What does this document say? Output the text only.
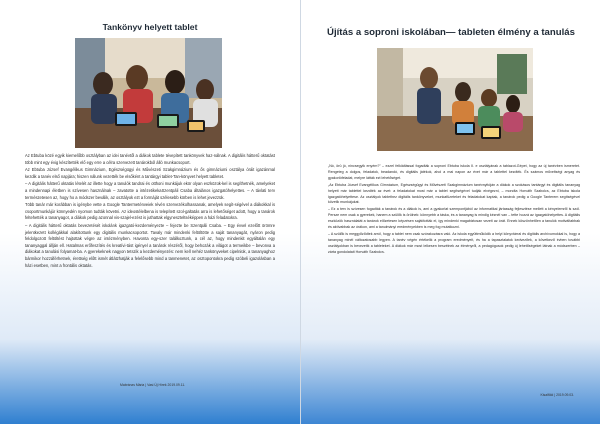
Tankönyv helyett tablet

Az Ebtuba közé egyik kiemelőbb osztályban az idei tanévtől a diákok tablete tévepített tankönyvek haz-nálnak. A digitális hátterű oktatást több mint egy évig készítették elő egy erre a célra szervezett tanárokból álló munkacsoport.

Az Ebtuba József Evangélikus Gimnázium, Egészségügyi és Művészeti Szakgimnázium és ős gimnáziumi osztálya óráit igazánmal kezdik a tanév első napjára; hiszen nálunk vezették be elsőként a tantárgyi tablet-Tan-könyvet helyett tabletet.

– A digitális hátterű oktatás lételét az illette hogy a tanulók tandrai és otthoni munkájuk ekör olyan eszközük-kel is segíthetnék, amelyeket a mindennapi életben is szívesen használnak – zavatotte a intézetikekaSzentpáli Csaba általános igazgatóhelyettes. – A távlati terv természetesen az, hogy ho a módszer beválik, az osztályok ezt a formáját szélesebb körben is lehet jevezzük.

Több tanár már korábban is igénybe vette a Google Tantermeténveiek révén szervezékolhassanak, amelyek segít-ségével a diákokkal is csoportmunkájúr könnyedén nyomon tudták követni. Az ideostélelbena is telepített szol-galtatás arra is lehetőséget adott, hogy a tanárok feltehették a tananyagot, a diákok pedig azonnal vis-szajel-ezést is juthattak elgyneszteltséképpen a házi feladatokra.

– A digitális hátterű oktatás bevezetését iskolánk igazgató-kezdeményezte – fejezte be Szentpáli Csaba. – Egy évvel ezelőtt örömre jelentkezett kollégákkal alakítottunk egy digitális munkacsoportot. Tavaly már mindenki feltöltötte a saját tananyagát, nyáron pedig feldolgozott feltöltést hajtottak végre az intézményben. Havonta egy-szer találkoztunk, a cél az, hogy mindenkit egyáltalán egy tananyaggal állján ell. Hatalmas erőfeszítés és kreatívi-tást igényel a tanárok részéről, hogy behozák a világot a termeikbe – bevonva a diákokat a tanulási folyamat-ba. A gyerekeknek nagyon tetszik a kezdeményezés: nem kell nehéz tankönyveket cipelniük, a tananyaghoz bármikor hozzáférhetnek, érettség előtt ismét átlátzhatják a felelősebb mind a tanmenetet, az osztopontokra pedig szóbeli igazolásban a házi esetben, mint a frontális oktatás.

Mabránzs Mária | Vasi Új Hírek 2019.09.11.
Újítás a soproni iskolában— tableten élmény a tanulás

„Nó, örü jó, nincsegyik enyém?” – ezzel felkiáltással fogadták a soproni Ebtuba iskola II. e osztályának a tablazot-Gépet, hogy az új tanévben ismeretet. Rengeteg a dolgos, feladatok, beadandó, és digitális játékok, ahol a mai napon az évet már a tablettel kezdték. És számos műveltségi anyag és gyakorlófeladat, melyre látták ezt lehetőséget.

„Az Ebtuba József Evangélikus Gimnázium, Egészségügyi és Művészeti Szakgimnázium tanévnyitóján a diákok a szokásos tantárgyi és digitális tananyag helyett már tablettel kezdték az évet: a feladatokat most már a tablet segítségével tudják elvégezni, – mondta Horváth Szabolcs, az Ebtuba iskola igazgatóhelyettese. Az osztályok tablethez digitális tankönyveket, munkafüzeteket és feladatokat kaptak, a tanárok pedig a Google Tanterem segítségével követik munkájukat.

– Ez a terv is szívesen fogadták a tanárok és a diákok is, ami a gyakorlat szempontjából az informatikai jártasság fejlesztése mellett a kényelemről is szól. Persze nem csak a gyerekek, hanem a szülők is örülnek: könnyebb a táska, és a tananyag is mindig kéznél van – tette hozzá az igazgatóhelyettes. A digitális eszközök használatát a tanárok előzetesen képzésen sajátították el, így mindenki magabiztosan vezeti az órát. Ennek köszönhetően a tanulók motiváltabbak és aktívabbak az órákon, ami a tanulmányi eredményekben is meg fog mutatkozni.

– A szülők is meggyőződtek arról, hogy a tablet nem csak szórakozásra való. Az iskola együttműködik a helyi könyvtárral és digitális archívumokkal is, hogy a tananyag minél változatosabb legyen. A tanév végén értékelik a program eredményeit, és ha a tapasztalatok kedvezőek, a következő évben további osztályokban is bevezetik a tableteket. A diákok már most lelkesen beszélnek az élményről, a pedagógusok pedig új lehetőségeket látnak a módszerben – zárta gondolatait Horváth Szabolcs.

Kisalföld | 2019.09.03.
